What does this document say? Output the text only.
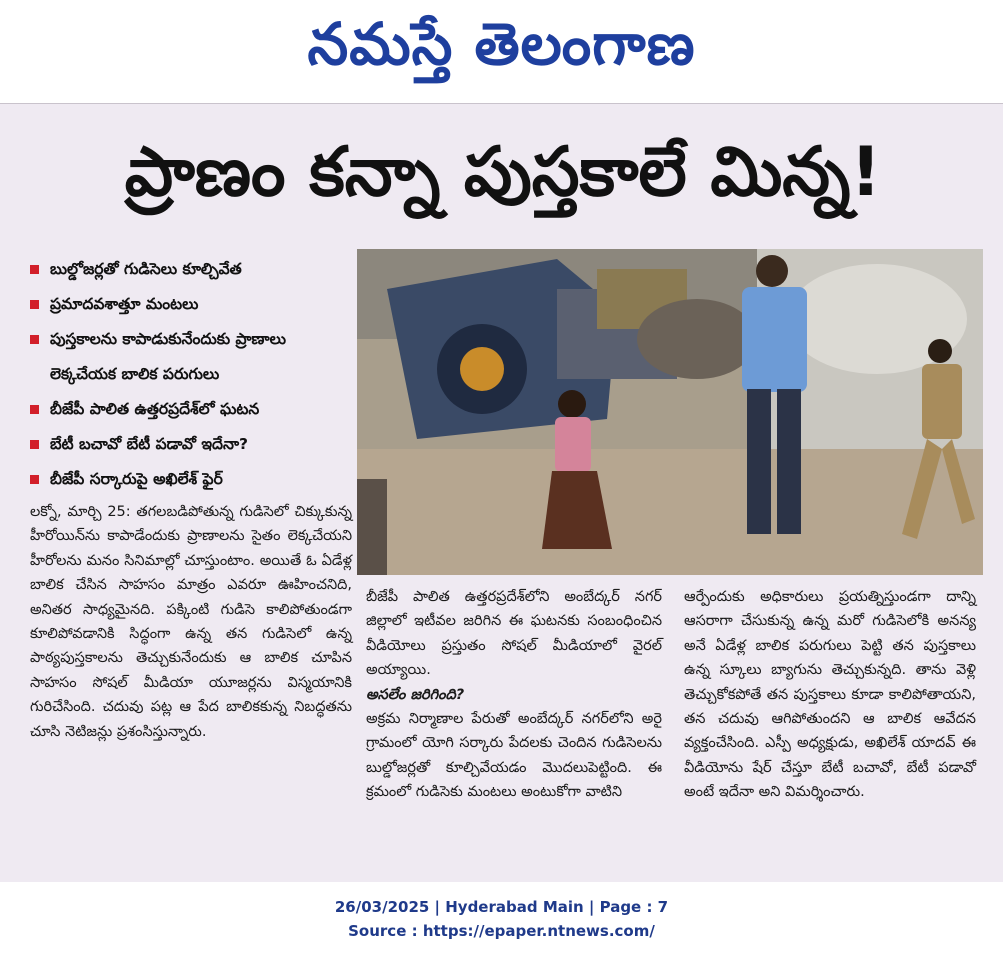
నమస్తే తెలంగాణ
ప్రాణం కన్నా పుస్తకాలే మిన్న!
బుల్డోజర్లతో గుడిసెలు కూల్చివేత
ప్రమాదవశాత్తూ మంటలు
పుస్తకాలను కాపాడుకునేందుకు ప్రాణాలు లెక్కచేయక బాలిక పరుగులు
బీజేపీ పాలిత ఉత్తరప్రదేశ్‌లో ఘటన
బేటీ బచావో బేటీ పడావో ఇదేనా?
బీజేపీ సర్కారుపై అఖిలేశ్ ఫైర్

లక్నో, మార్చి 25: తగలబడిపోతున్న గుడిసెలో చిక్కుకున్న హీరోయిన్‌ను కాపాడేందుకు ప్రాణాలను సైతం లెక్కచేయని హీరోలను మనం సినిమాల్లో చూస్తుంటాం. అయితే ఓ ఏడేళ్ల బాలిక చేసిన సాహసం మాత్రం ఎవరూ ఊహించనిది, అనితర సాధ్యమైనది. పక్కింటి గుడిసె కాలిపోతుండగా కూలిపోవడానికి సిద్ధంగా ఉన్న తన గుడిసెలో ఉన్న పాఠ్యపుస్తకాలను తెచ్చుకునేందుకు ఆ బాలిక చూపిన సాహసం సోషల్ మీడియా యూజర్లను విస్మయానికి గురిచేసింది. చదువు పట్ల ఆ పేద బాలికకున్న నిబద్ధతను చూసి నెటిజన్లు ప్రశంసిస్తున్నారు.

బీజేపీ పాలిత ఉత్తరప్రదేశ్‌లోని అంబేద్కర్ నగర్ జిల్లాలో ఇటీవల జరిగిన ఈ ఘటనకు సంబంధించిన వీడియోలు ప్రస్తుతం సోషల్ మీడియాలో వైరల్ అయ్యాయి.

అసలేం జరిగింది?

అక్రమ నిర్మాణాల పేరుతో అంబేద్కర్ నగర్‌లోని అరై గ్రామంలో యోగి సర్కారు పేదలకు చెందిన గుడిసెలను బుల్డోజర్లతో కూల్చివేయడం మొదలుపెట్టింది. ఈ క్రమంలో గుడిసెకు మంటలు అంటుకోగా వాటిని

ఆర్పేందుకు అధికారులు ప్రయత్నిస్తుండగా దాన్ని ఆసరాగా చేసుకున్న ఉన్న మరో గుడిసెలోకి అనన్య అనే ఏడేళ్ల బాలిక పరుగులు పెట్టి తన పుస్తకాలు ఉన్న స్కూలు బ్యాగును తెచ్చుకున్నది. తాను వెళ్లి తెచ్చుకోకపోతే తన పుస్తకాలు కూడా కాలిపోతాయని, తన చదువు ఆగిపోతుందని ఆ బాలిక ఆవేదన వ్యక్తంచేసింది. ఎస్పీ అధ్యక్షుడు, అఖిలేశ్ యాదవ్ ఈ వీడియోను షేర్ చేస్తూ బేటీ బచావో, బేటీ పడావో అంటే ఇదేనా అని విమర్శించారు.

26/03/2025 | Hyderabad Main | Page : 7
Source : https://epaper.ntnews.com/
